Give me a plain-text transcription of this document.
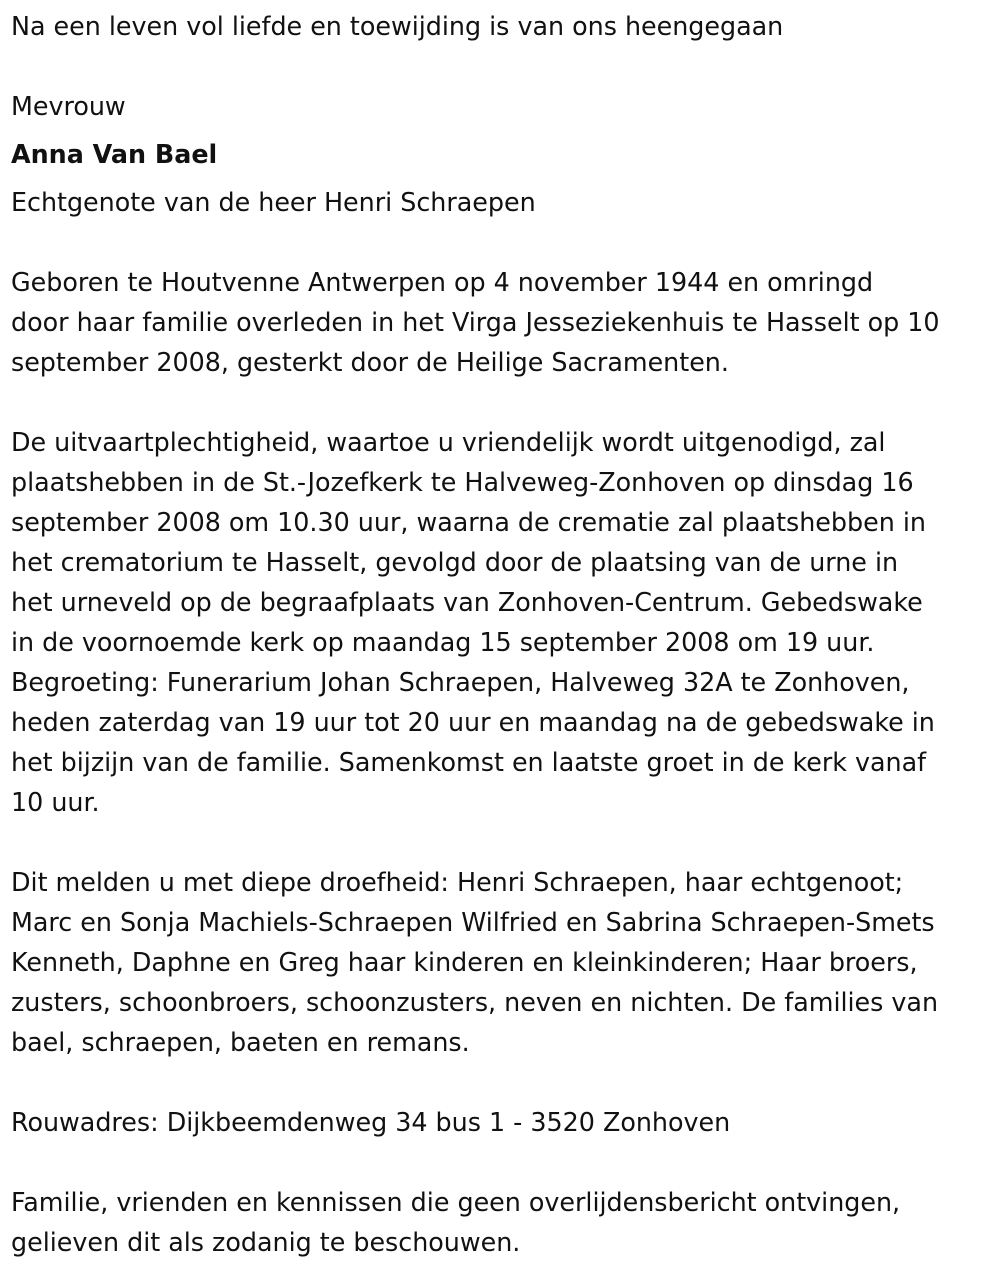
Na een leven vol liefde en toewijding is van ons heengegaan
Mevrouw
Anna Van Bael
Echtgenote van de heer Henri Schraepen
Geboren te Houtvenne Antwerpen op 4 november 1944 en omringd
door haar familie overleden in het Virga Jesseziekenhuis te Hasselt op 10
september 2008, gesterkt door de Heilige Sacramenten.
De uitvaartplechtigheid, waartoe u vriendelijk wordt uitgenodigd, zal
plaatshebben in de St.-Jozefkerk te Halveweg-Zonhoven op dinsdag 16
september 2008 om 10.30 uur, waarna de crematie zal plaatshebben in
het crematorium te Hasselt, gevolgd door de plaatsing van de urne in
het urneveld op de begraafplaats van Zonhoven-Centrum. Gebedswake
in de voornoemde kerk op maandag 15 september 2008 om 19 uur.
Begroeting: Funerarium Johan Schraepen, Halveweg 32A te Zonhoven,
heden zaterdag van 19 uur tot 20 uur en maandag na de gebedswake in
het bijzijn van de familie. Samenkomst en laatste groet in de kerk vanaf
10 uur.
Dit melden u met diepe droefheid: Henri Schraepen, haar echtgenoot;
Marc en Sonja Machiels-Schraepen Wilfried en Sabrina Schraepen-Smets
Kenneth, Daphne en Greg haar kinderen en kleinkinderen; Haar broers,
zusters, schoonbroers, schoonzusters, neven en nichten. De families van
bael, schraepen, baeten en remans.
Rouwadres: Dijkbeemdenweg 34 bus 1 - 3520 Zonhoven
Familie, vrienden en kennissen die geen overlijdensbericht ontvingen,
gelieven dit als zodanig te beschouwen.
